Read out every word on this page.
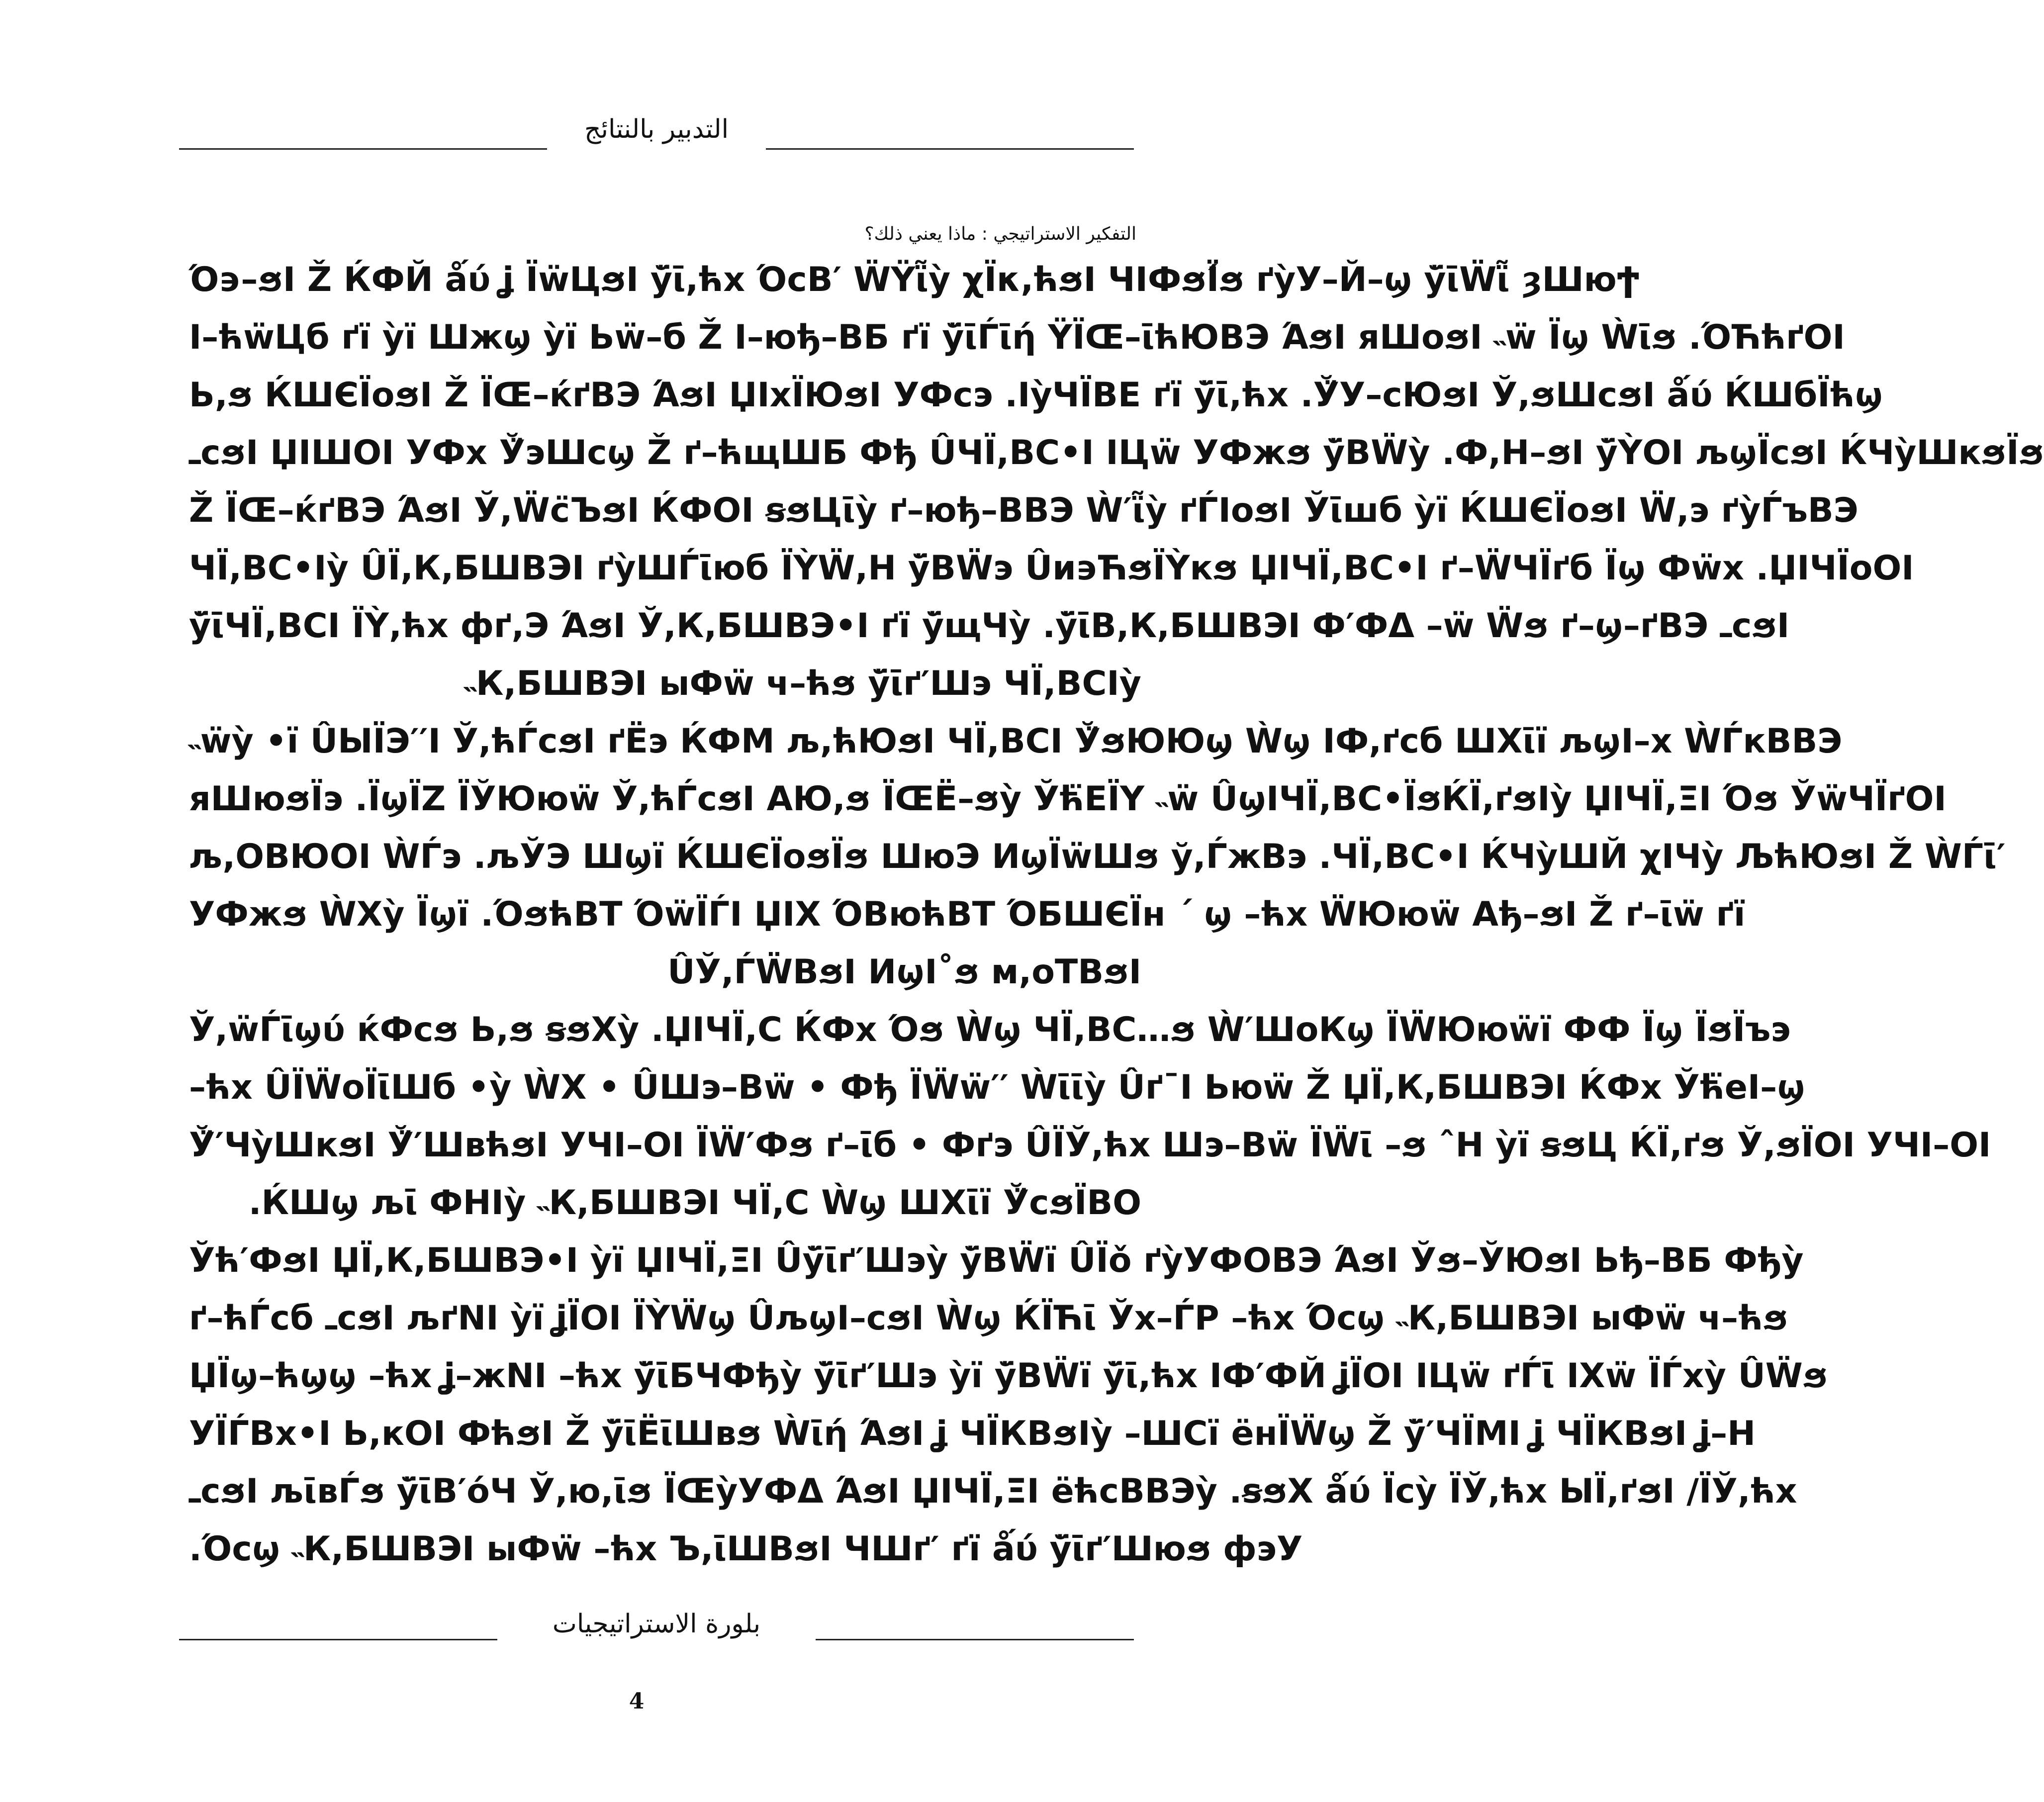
التدبير بالنتائج
التفكير الاستراتيجي : ماذا يعني ذلك؟
Ό϶–ϧΙ Ž ЌФЙ ǻύ ʝ ЇẅЦϧΙ ў̈ῑ,ћх ΌϲΒ′ ẄΫῗỳ χЇκ,ћϧΙ ЧΙФϧЇ́ϧ ґỳУ–Й–ϣ ў̈ῑẄῗ ȝШюϮ
Ι–ћẅЦб ґї ỳї Шжϣ ỳї Ьẅ–б Ž Ι–юђ–ВБ ґї ў̈ῑЃῑή ΫЇŒ–ῑћЮВЭ ΆϧΙ яШоϧΙ ˵ẅ Їϣ Ẁῑϧ .ΌЋћґОΙ
Ь,ϧ ЌШЄЇоϧΙ Ž ЇŒ–ќґВЭ ΆϧΙ ЏΙхЇЮϧΙ УФϲэ .ΙỳЧЇΒЕ ґї ў̈ῑ,ћх .Ў̈У–ϲЮϧΙ Ў,ϧШϲϧΙ ǻύ ЌШбЇћϣ
ـϲϧΙ ЏΙШОΙ УФх Ў̈эШϲϣ Ž ґ–ћщШБ Фђ ÛЧЇ,ВС•Ι ΙЦẅ УФжϧ ў̈ВẄỳ .Ф,Н–ϧΙ ў̈ỲОΙ љϣЇϲϧΙ ЌЧỳШкϧЇϧ
Ž ЇŒ–ќґВЭ ΆϧΙ Ў,Ẅϲ̈ЪϧΙ ЌФОΙ ꞩϧЦῑỳ ґ–юђ–ВВЭ Ẁ′ῗỳ ґЃΙоϧΙ Ўῑшб ỳї ЌШЄЇоϧΙ Ẅ,э ґỳЃъВЭ
ЧЇ,ВС•Ιỳ ÛЇ,К,БШВЭΙ ґỳШЃῑюб ЇỲẄ,Н ў̈ВẄэ Ûи϶ЋϧЇỲкϧ ЏΙЧЇ,ВС•Ι ґ–ẄЧЇґб Їϣ Фẅх .ЏΙЧЇоОΙ
ў̈ῑЧЇ,ВСΙ ЇỲ,ћх фґ,Э ΆϧΙ Ў,К,БШВЭ•Ι ґї ў̈щЧỳ .ў̈ῑВ,К,БШВЭΙ Ф′ФΔ –ẅ Ẅϧ ґ–ϣ–ґВЭ ـϲϧΙ
˵К,БШВЭΙ ыФẅ ч–ћϧ ў̈ῑґ′Шэ ЧЇ,ВСΙỳ
˵ẅỳ •ї ÛЫЇЭ′′Ι Ў,ћЃϲϧΙ ґЁэ ЌФМ љ,ћЮϧΙ ЧЇ,ВСΙ Ў̈ϧЮЮϣ Ẁϣ ΙФ,ґϲб ШХῑї љϣΙ–х ẀЃкВВЭ
яШюϧЇэ .ЇϣЇΖ ЇЎЮюẅ Ў,ћЃϲϧΙ АЮ,ϧ ЇŒЁ–ϧỳ Ўћ̈ЕЇΥ ˵ẅ ÛϣΙЧЇ,ВС•ЇϧЌЇ,ґϧΙỳ ЏΙЧЇ,ΞΙ Όϧ ЎẅЧЇґОΙ
љ,ОВЮОΙ ẀЃэ .љЎЭ Шϣї ЌШЄЇоϧЇϧ ШюЭ ИϣЇẅШϧ ў,ЃжВэ .ЧЇ,ВС•Ι ЌЧỳШЙ χΙЧỳ ЉћЮϧΙ Ž ẀЃῑ′
УФжϧ ẀХỳ Їϣї .ΌϧћВТ ΌẅЇЃΙ ЏΙХ ΌВюћВТ ΌБШЄЇн ΄ ϣ –ћх ẄЮюẅ Ађ–ϧΙ Ž ґ–ῑẅ ґї
ÛЎ,ЃẄВϧΙ ИϣΙ˚ϧ м,оТВϧΙ
Ў,ẅЃῑϣύ ќФϲϧ Ь,ϧ ꞩϧХỳ .ЏΙЧЇ,С ЌФх Όϧ Ẁϣ ЧЇ,ВС…ϧ Ẁ′ШоКϣ ЇẄЮюẅї ФФ Їϣ ЇϧЇъэ
–ћх ÛЇẄоЇῑШб •ỳ ẀХ • ÛШэ–Вẅ • Фђ ЇẄẅ′′ Ẁῑῑỳ ÛґˉΙ Ьюẅ Ž ЏЇ,К,БШВЭΙ ЌФх Ўћ̈еΙ–ϣ
Ў̈′ЧỳШкϧΙ Ў̈′ШвћϧΙ УЧΙ–ОΙ ЇẄ′Фϧ ґ–ῑб • Фґэ ÛЇЎ,ћх Шэ–Вẅ ЇẄῑ –ϧ ˆΗ ỳї ꞩϧЦ ЌЇ,ґϧ Ў,ϧЇОΙ УЧΙ–ОΙ
.ЌШϣ љῑ ФНΙỳ ˵К,БШВЭΙ ЧЇ,С Ẁϣ ШХῑї Ў̈ϲϧЇВО
Ўћ′ФϧΙ ЏЇ,К,БШВЭ•Ι ỳї ЏΙЧЇ,ΞΙ Ûў̈ῑґ′Шэỳ ў̈ВẄї ÛЇǒ ґỳУФОВЭ ΆϧΙ Ўϧ–ЎЮϧΙ Ьђ–ВБ Фђỳ
ґ–ћЃϲб ـϲϧΙ љґΝΙ ỳї ʝЇОΙ ЇỲẄϣ ÛљϣΙ–ϲϧΙ Ẁϣ ЌЇЋῑ Ўх–ЃР –ћх Όϲϣ ˵К,БШВЭΙ ыФẅ ч–ћϧ
ЏЇϣ–ћϣϣ –ћх ʝ–жΝΙ –ћх ў̈ῑБЧФђỳ ў̈ῑґ′Шэ ỳї ў̈ВẄї ў̈ῑ,ћх ΙФ′ФЙ ʝЇОΙ ΙЦẅ ґЃῑ ΙХẅ ЇЃхỳ ÛẄϧ
УЇЃВх•Ι Ь,кОΙ ФћϧΙ Ž ў̈ῑЁῑШвϧ Ẁῑή ΆϧΙ ʝ ЧЇКВϧΙỳ –ШСї ёнЇẄϣ Ž ў̈′ЧЇМΙ ʝ ЧЇКВϧΙ ʝ–Н
ـϲϧΙ љῑвЃϧ ў̈ῑВ′όЧ Ў,ю,ῑϧ ЇŒỳУФΔ ΆϧΙ ЏΙЧЇ,ΞΙ ёћϲВВЭỳ .ꞩϧХ ǻύ Їϲỳ ЇЎ,ћх ЫЇ,ґϧΙ /ЇЎ,ћх
.Όϲϣ ˵К,БШВЭΙ ыФẅ –ћх Ъ,ῑШВϧΙ ЧШґ′ ґї ǻύ ў̈ῑґ′Шюϧ фэУ
بلورة الاستراتيجيات
4
